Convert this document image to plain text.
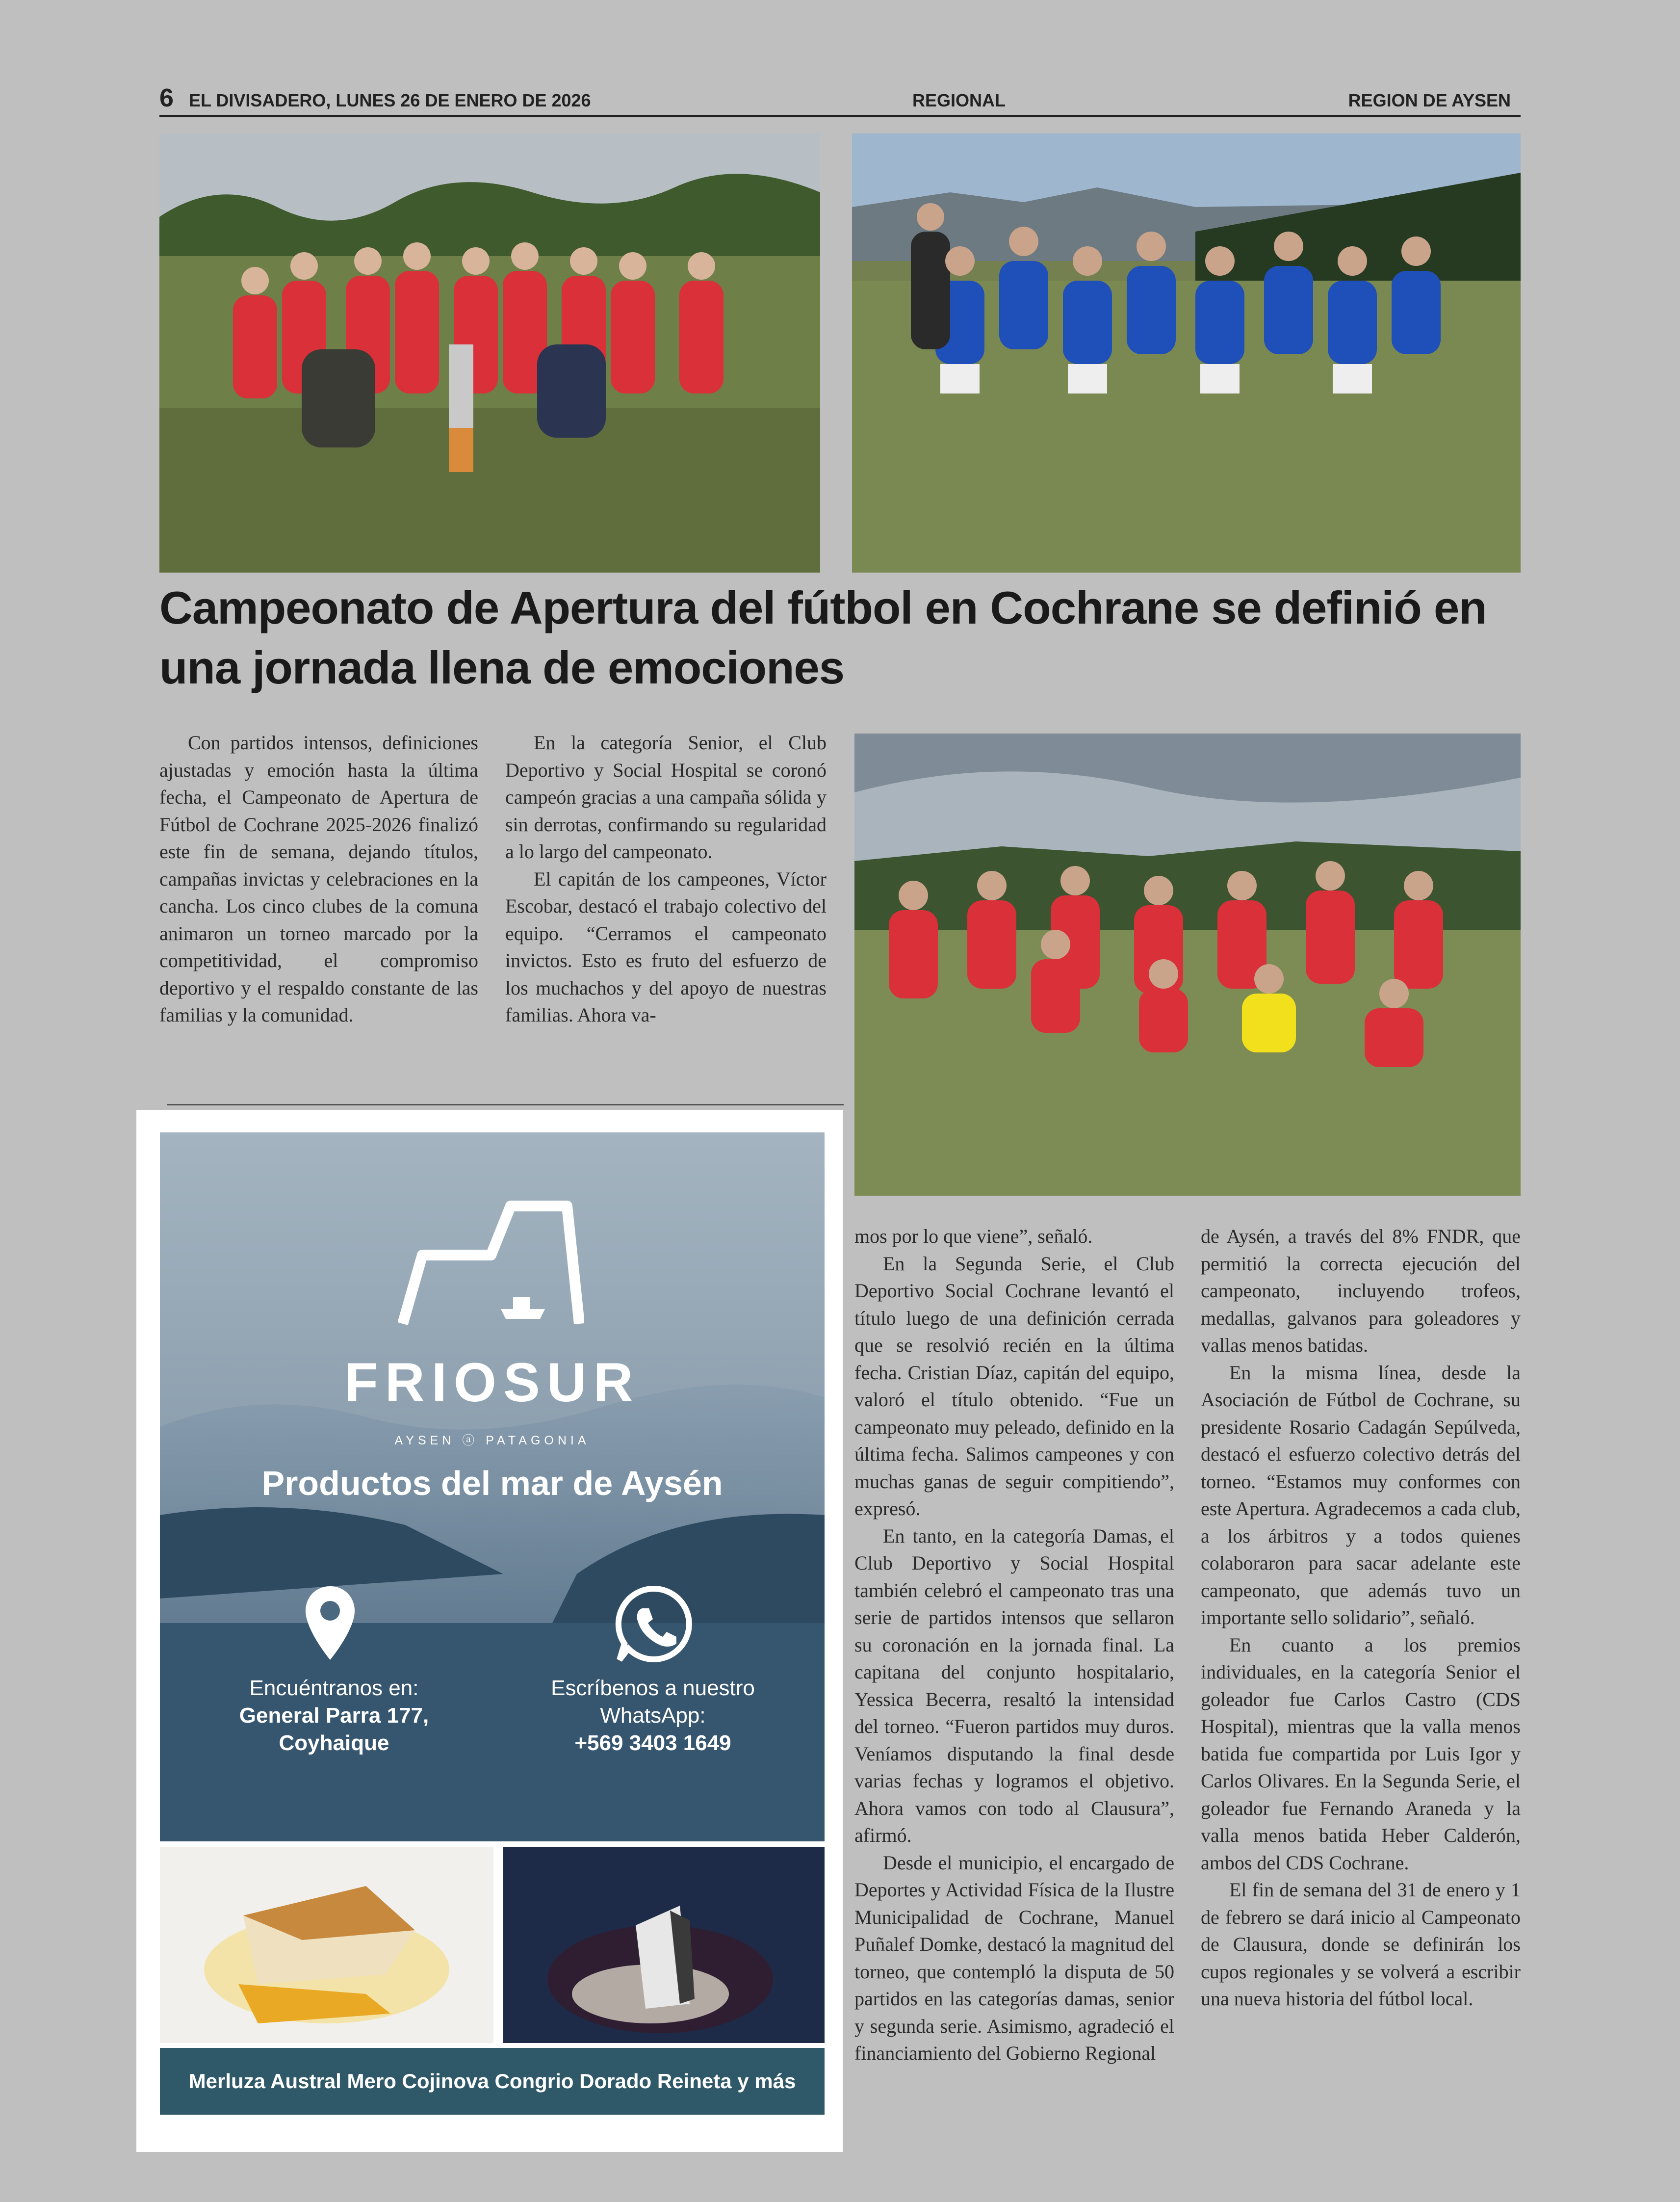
6 EL DIVISADERO, LUNES 26 DE ENERO DE 2026	REGIONAL	REGION DE AYSEN
Campeonato de Apertura del fútbol en Cochrane se definió en una jornada llena de emociones

Con partidos intensos, definiciones ajustadas y emoción hasta la última fecha, el Campeonato de Apertura de Fútbol de Cochrane 2025-2026 finalizó este fin de semana, dejando títulos, campañas invictas y celebraciones en la cancha. Los cinco clubes de la comuna animaron un torneo marcado por la competitividad, el compromiso deportivo y el respaldo constante de las familias y la comunidad.

En la categoría Senior, el Club Deportivo y Social Hospital se coronó campeón gracias a una campaña sólida y sin derrotas, confirmando su regularidad a lo largo del campeonato.

El capitán de los campeones, Víctor Escobar, destacó el trabajo colectivo del equipo. “Cerramos el campeonato invictos. Esto es fruto del esfuerzo de los muchachos y del apoyo de nuestras familias. Ahora va-

FRIOSUR
AYSEN ⓐ PATAGONIA
Productos del mar de Aysén
Encuéntranos en:
General Parra 177,
Coyhaique
Escríbenos a nuestro
WhatsApp:
+569 3403 1649
Merluza Austral Mero Cojinova Congrio Dorado Reineta y más

mos por lo que viene”, señaló.

En la Segunda Serie, el Club Deportivo Social Cochrane levantó el título luego de una definición cerrada que se resolvió recién en la última fecha. Cristian Díaz, capitán del equipo, valoró el título obtenido. “Fue un campeonato muy peleado, definido en la última fecha. Salimos campeones y con muchas ganas de seguir compitiendo”, expresó.

En tanto, en la categoría Damas, el Club Deportivo y Social Hospital también celebró el campeonato tras una serie de partidos intensos que sellaron su coronación en la jornada final. La capitana del conjunto hospitalario, Yessica Becerra, resaltó la intensidad del torneo. “Fueron partidos muy duros. Veníamos disputando la final desde varias fechas y logramos el objetivo. Ahora vamos con todo al Clausura”, afirmó.

Desde el municipio, el encargado de Deportes y Actividad Física de la Ilustre Municipalidad de Cochrane, Manuel Puñalef Domke, destacó la magnitud del torneo, que contempló la disputa de 50 partidos en las categorías damas, senior y segunda serie. Asimismo, agradeció el financiamiento del Gobierno Regional

de Aysén, a través del 8% FNDR, que permitió la correcta ejecución del campeonato, incluyendo trofeos, medallas, galvanos para goleadores y vallas menos batidas.

En la misma línea, desde la Asociación de Fútbol de Cochrane, su presidente Rosario Cadagán Sepúlveda, destacó el esfuerzo colectivo detrás del torneo. “Estamos muy conformes con este Apertura. Agradecemos a cada club, a los árbitros y a todos quienes colaboraron para sacar adelante este campeonato, que además tuvo un importante sello solidario”, señaló.

En cuanto a los premios individuales, en la categoría Senior el goleador fue Carlos Castro (CDS Hospital), mientras que la valla menos batida fue compartida por Luis Igor y Carlos Olivares. En la Segunda Serie, el goleador fue Fernando Araneda y la valla menos batida Heber Calderón, ambos del CDS Cochrane.

El fin de semana del 31 de enero y 1 de febrero se dará inicio al Campeonato de Clausura, donde se definirán los cupos regionales y se volverá a escribir una nueva historia del fútbol local.
